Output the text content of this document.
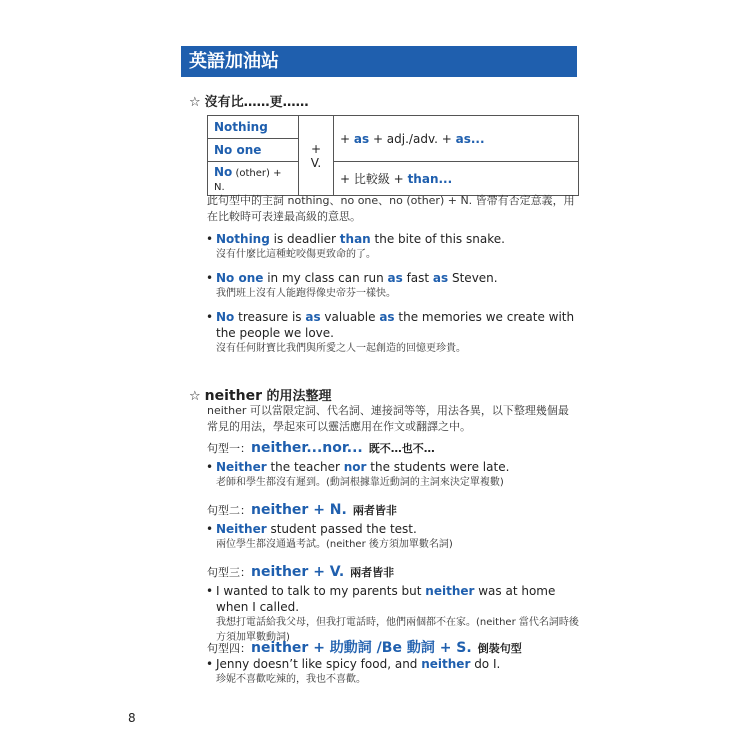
英語加油站
☆ 沒有比……更……
Nothing	+ V.	+ as + adj./adv. + as...
No one		
No (other) + N.		+ 比較級 + than...
此句型中的主詞 nothing、no one、no (other) + N. 皆帶有否定意義，用在比較時可表達最高級的意思。
• Nothing is deadlier than the bite of this snake.
沒有什麼比這種蛇咬傷更致命的了。
• No one in my class can run as fast as Steven.
我們班上沒有人能跑得像史帝芬一樣快。
• No treasure is as valuable as the memories we create with the people we love.
沒有任何財寶比我們與所愛之人一起創造的回憶更珍貴。
☆ neither 的用法整理
neither 可以當限定詞、代名詞、連接詞等等，用法各異，以下整理幾個最常見的用法，學起來可以靈活應用在作文或翻譯之中。
句型一：neither...nor... 既不…也不…
• Neither the teacher nor the students were late.
老師和學生都沒有遲到。(動詞根據靠近動詞的主詞來決定單複數)
句型二：neither + N. 兩者皆非
• Neither student passed the test.
兩位學生都沒通過考試。(neither 後方須加單數名詞)
句型三：neither + V. 兩者皆非
• I wanted to talk to my parents but neither was at home when I called.
我想打電話給我父母，但我打電話時，他們兩個都不在家。(neither 當代名詞時後方須加單數動詞)
句型四：neither + 助動詞 /Be 動詞 + S. 倒裝句型
• Jenny doesn’t like spicy food, and neither do I.
珍妮不喜歡吃辣的，我也不喜歡。
8
